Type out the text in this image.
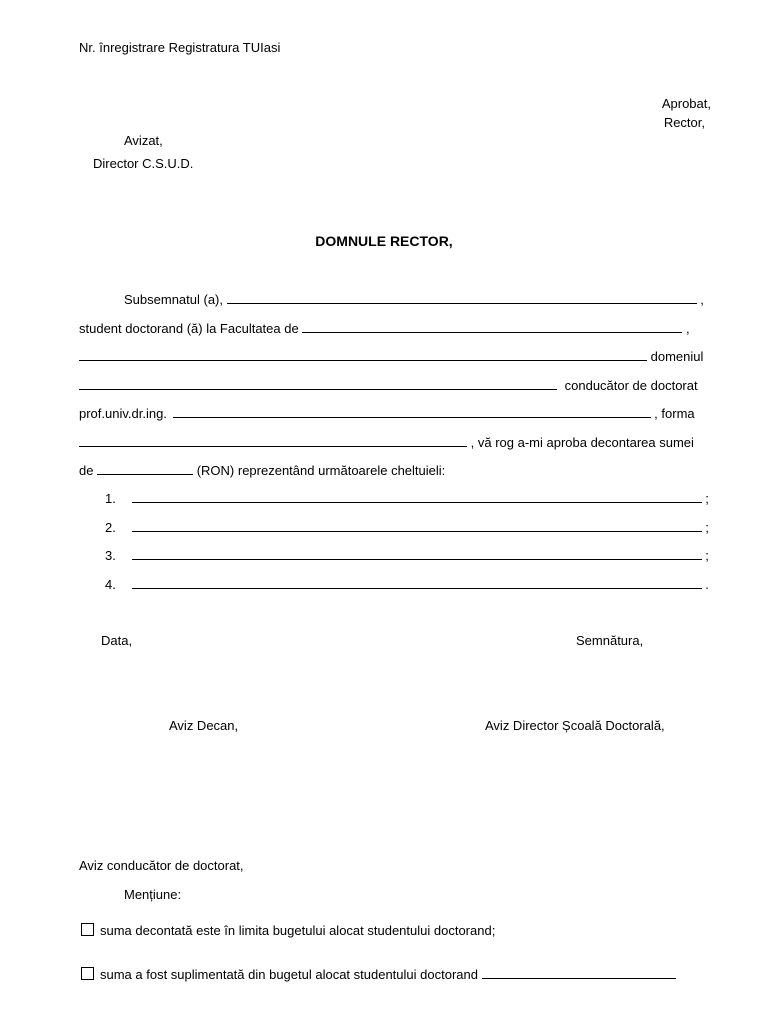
Nr. înregistrare Registratura TUIasi
Aprobat,
Rector,
Avizat,
Director C.S.U.D.
DOMNULE RECTOR,
Subsemnatul (a),	,
student doctorand (ă) la Facultatea de	,
domeniul
conducător de doctorat
prof.univ.dr.ing.	, forma
, vă rog a-mi aproba decontarea sumei
de	(RON) reprezentând următoarele cheltuieli:
1.	;
2.	;
3.	;
4.	.
Data,	Semnătura,
Aviz Decan,	Aviz Director Școală Doctorală,
Aviz conducător de doctorat,
Mențiune:
suma decontată este în limita bugetului alocat studentului doctorand;
suma a fost suplimentată din bugetul alocat studentului doctorand
